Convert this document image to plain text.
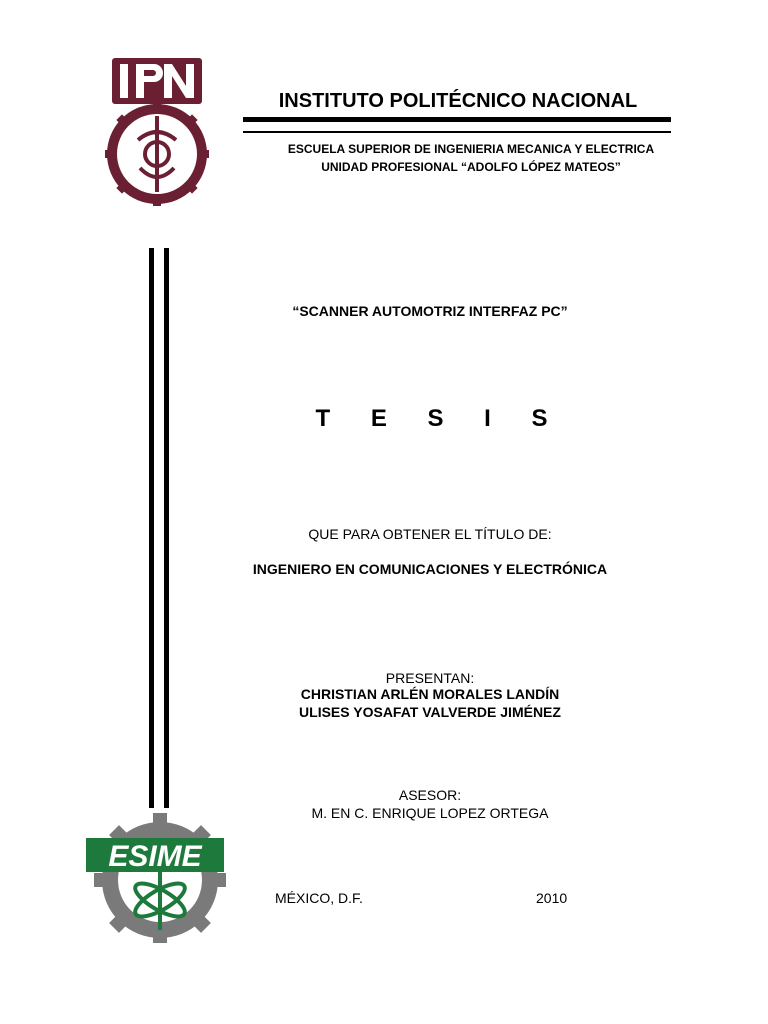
INSTITUTO POLITÉCNICO NACIONAL
ESCUELA SUPERIOR DE INGENIERIA MECANICA Y ELECTRICA
UNIDAD PROFESIONAL “ADOLFO LÓPEZ MATEOS”
“SCANNER AUTOMOTRIZ INTERFAZ PC”
T E S I S
QUE PARA OBTENER EL TÍTULO DE:
INGENIERO EN COMUNICACIONES Y ELECTRÓNICA
PRESENTAN:
CHRISTIAN ARLÉN MORALES LANDÍN
ULISES YOSAFAT VALVERDE JIMÉNEZ
ASESOR:
M. EN C. ENRIQUE LOPEZ ORTEGA
MÉXICO, D.F.	2010
ESIME
